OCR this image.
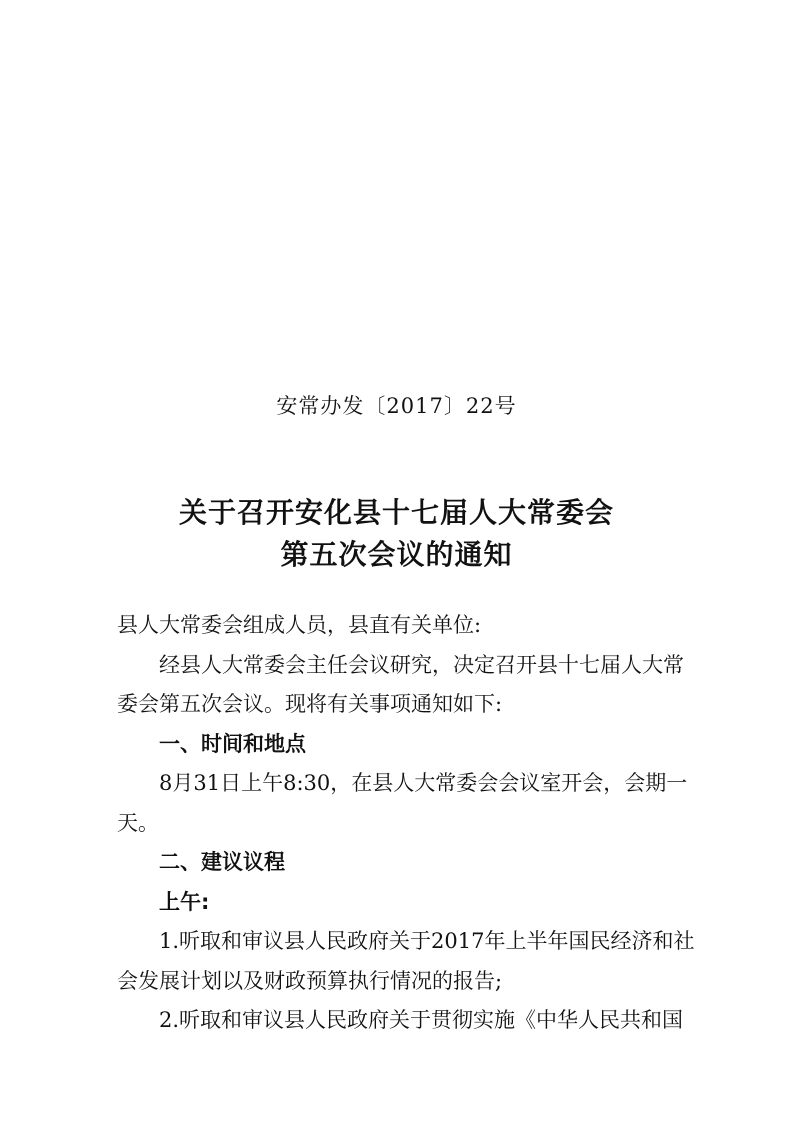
安常办发〔2017〕22号
关于召开安化县十七届人大常委会
第五次会议的通知

县人大常委会组成人员，县直有关单位:

经县人大常委会主任会议研究，决定召开县十七届人大常委会第五次会议。现将有关事项通知如下:

一、时间和地点

8月31日上午8:30，在县人大常委会会议室开会，会期一天。

二、建议议程

上午:

1.听取和审议县人民政府关于2017年上半年国民经济和社会发展计划以及财政预算执行情况的报告;

2.听取和审议县人民政府关于贯彻实施《中华人民共和国
